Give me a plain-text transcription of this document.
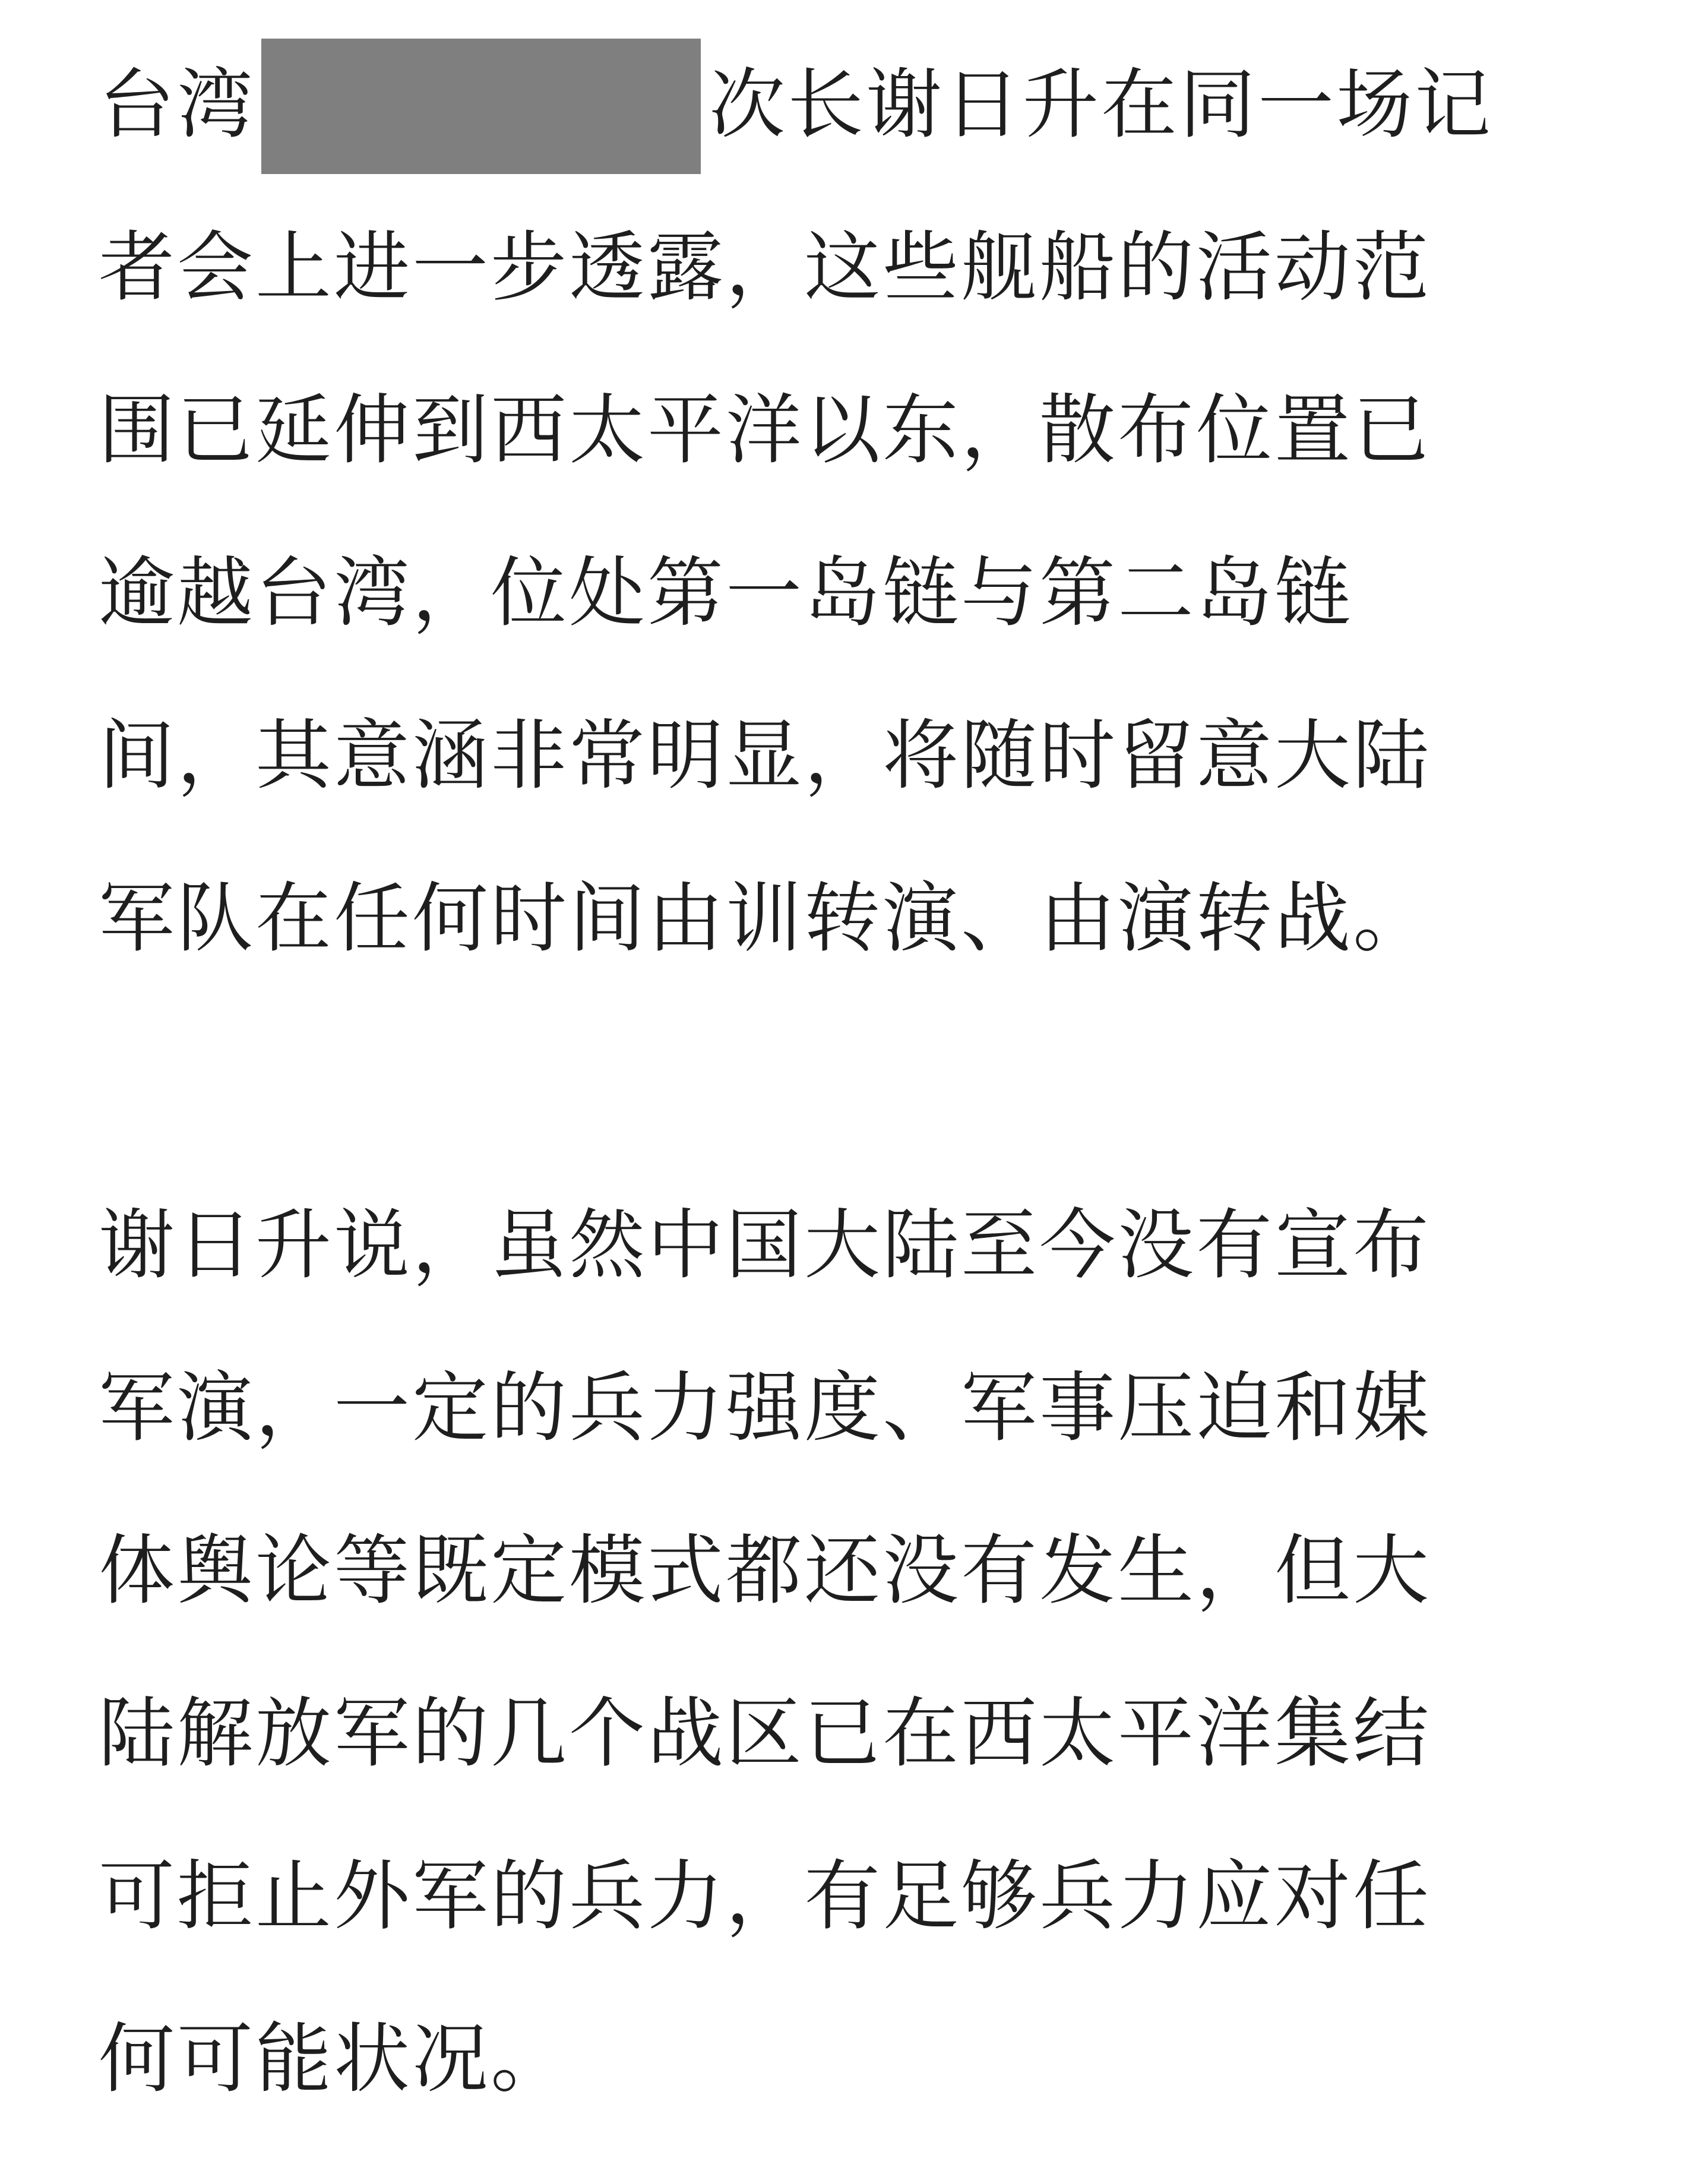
台湾	次长谢日升在同一场记
者会上进一步透露，这些舰船的活动范
围已延伸到西太平洋以东，散布位置已
逾越台湾，位处第一岛链与第二岛链
间，其意涵非常明显，将随时留意大陆
军队在任何时间由训转演、由演转战。
谢日升说，虽然中国大陆至今没有宣布
军演，一定的兵力强度、军事压迫和媒
体舆论等既定模式都还没有发生，但大
陆解放军的几个战区已在西太平洋集结
可拒止外军的兵力，有足够兵力应对任
何可能状况。
